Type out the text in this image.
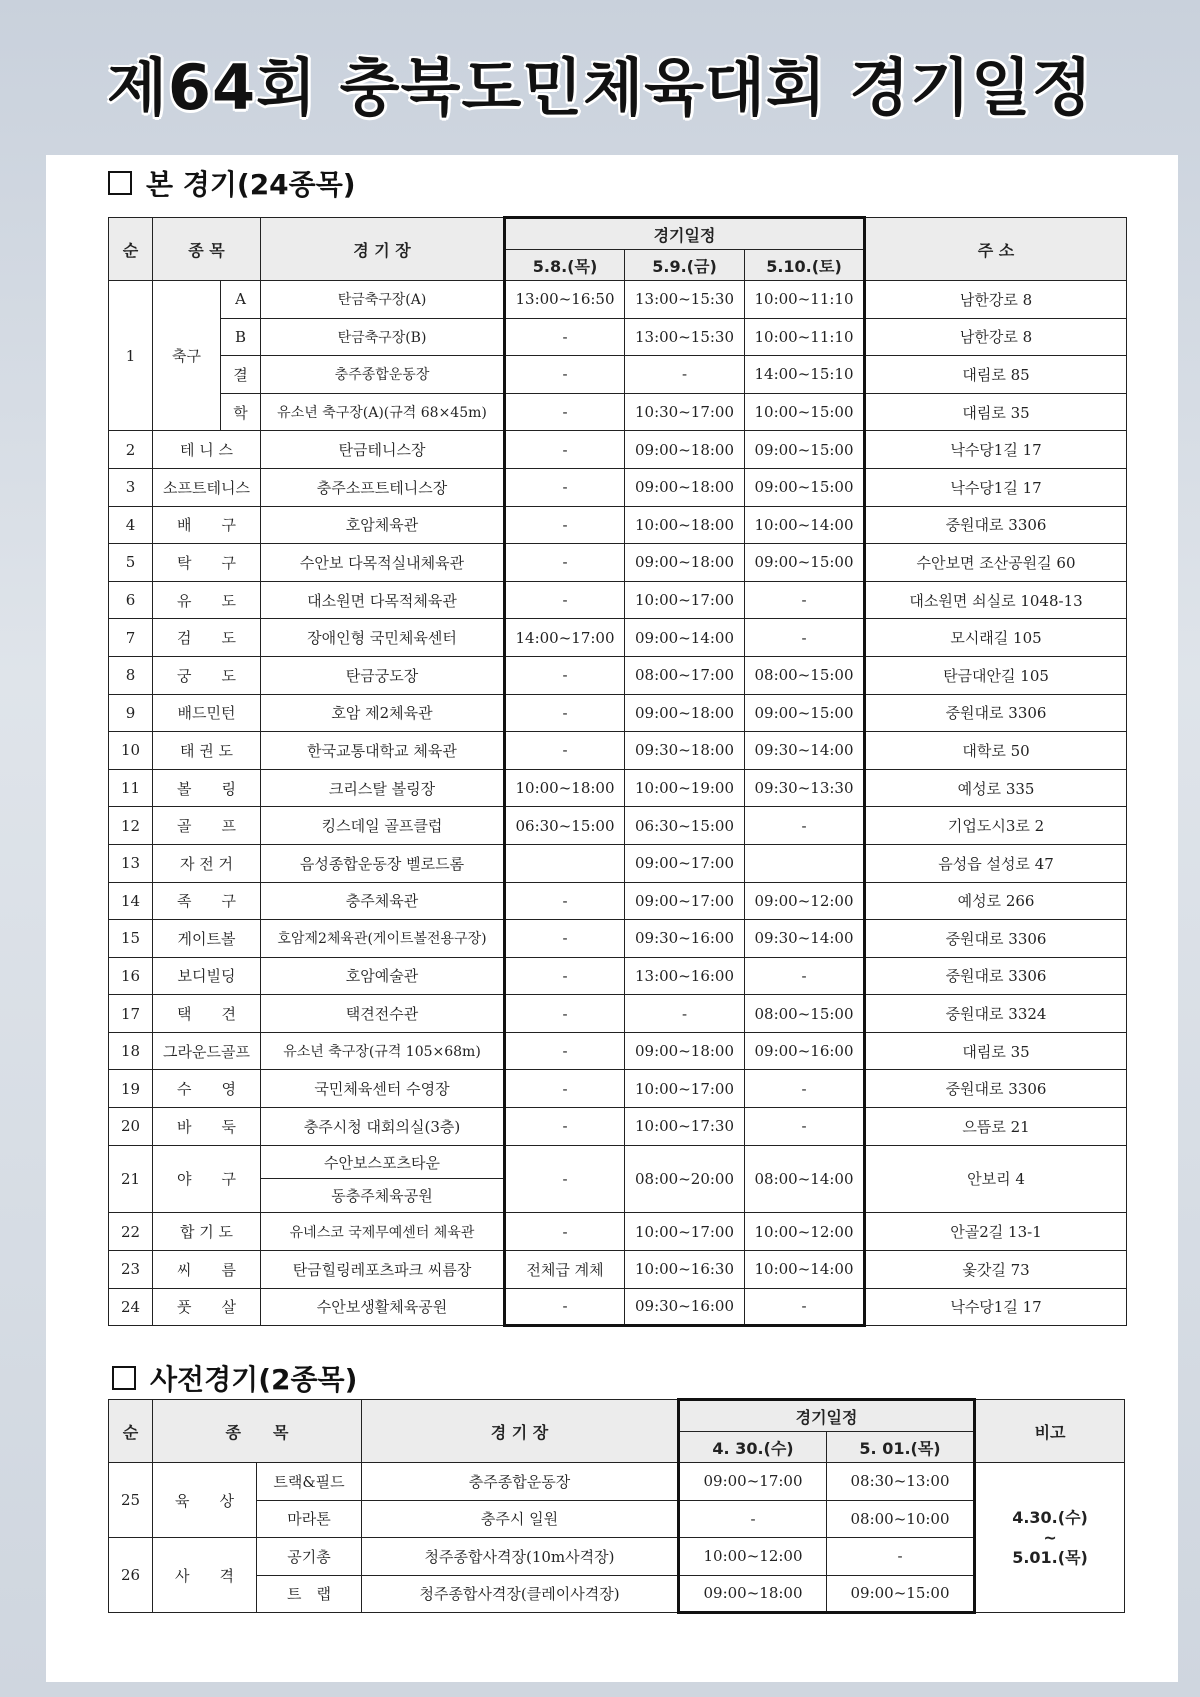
제64회 충북도민체육대회 경기일정
본 경기(24종목)
순	종 목		경 기 장	경기일정			주 소
				5.8.(목)	5.9.(금)	5.10.(토)	
1	축구	A	탄금축구장(A)	13:00~16:50	13:00~15:30	10:00~11:10	남한강로 8
		B	탄금축구장(B)	-	13:00~15:30	10:00~11:10	남한강로 8
		결	충주종합운동장	-	-	14:00~15:10	대림로 85
		학	유소년 축구장(A)(규격 68×45m)	-	10:30~17:00	10:00~15:00	대림로 35
2	테 니 스		탄금테니스장	-	09:00~18:00	09:00~15:00	낙수당1길 17
3	소프트테니스		충주소프트테니스장	-	09:00~18:00	09:00~15:00	낙수당1길 17
4	배　　구		호암체육관	-	10:00~18:00	10:00~14:00	중원대로 3306
5	탁　　구		수안보 다목적실내체육관	-	09:00~18:00	09:00~15:00	수안보면 조산공원길 60
6	유　　도		대소원면 다목적체육관	-	10:00~17:00	-	대소원면 쇠실로 1048-13
7	검　　도		장애인형 국민체육센터	14:00~17:00	09:00~14:00	-	모시래길 105
8	궁　　도		탄금궁도장	-	08:00~17:00	08:00~15:00	탄금대안길 105
9	배드민턴		호암 제2체육관	-	09:00~18:00	09:00~15:00	중원대로 3306
10	태 권 도		한국교통대학교 체육관	-	09:30~18:00	09:30~14:00	대학로 50
11	볼　　링		크리스탈 볼링장	10:00~18:00	10:00~19:00	09:30~13:30	예성로 335
12	골　　프		킹스데일 골프클럽	06:30~15:00	06:30~15:00	-	기업도시3로 2
13	자 전 거		음성종합운동장 벨로드롬		09:00~17:00		음성읍 설성로 47
14	족　　구		충주체육관	-	09:00~17:00	09:00~12:00	예성로 266
15	게이트볼		호암제2체육관(게이트볼전용구장)	-	09:30~16:00	09:30~14:00	중원대로 3306
16	보디빌딩		호암예술관	-	13:00~16:00	-	중원대로 3306
17	택　　견		택견전수관	-	-	08:00~15:00	중원대로 3324
18	그라운드골프		유소년 축구장(규격 105×68m)	-	09:00~18:00	09:00~16:00	대림로 35
19	수　　영		국민체육센터 수영장	-	10:00~17:00	-	중원대로 3306
20	바　　둑		충주시청 대회의실(3층)	-	10:00~17:30	-	으뜸로 21
21	야　　구		수안보스포츠타운	-	08:00~20:00	08:00~14:00	안보리 4
			동충주체육공원				
22	합 기 도		유네스코 국제무예센터 체육관	-	10:00~17:00	10:00~12:00	안골2길 13-1
23	씨　　름		탄금힐링레포츠파크 씨름장	전체급 계체	10:00~16:30	10:00~14:00	옻갓길 73
24	풋　　살		수안보생활체육공원	-	09:30~16:00	-	낙수당1길 17
사전경기(2종목)
순	종　　목		경 기 장	경기일정		비고
				4. 30.(수)	5. 01.(목)	
25	육　　상	트랙&필드	충주종합운동장	09:00~17:00	08:30~13:00	4.30.(수)
~
5.01.(목)

		마라톤	충주시 일원	-	08:00~10:00	
26	사　　격	공기총	청주종합사격장(10m사격장)	10:00~12:00	-	
		트　랩	청주종합사격장(클레이사격장)	09:00~18:00	09:00~15:00	
